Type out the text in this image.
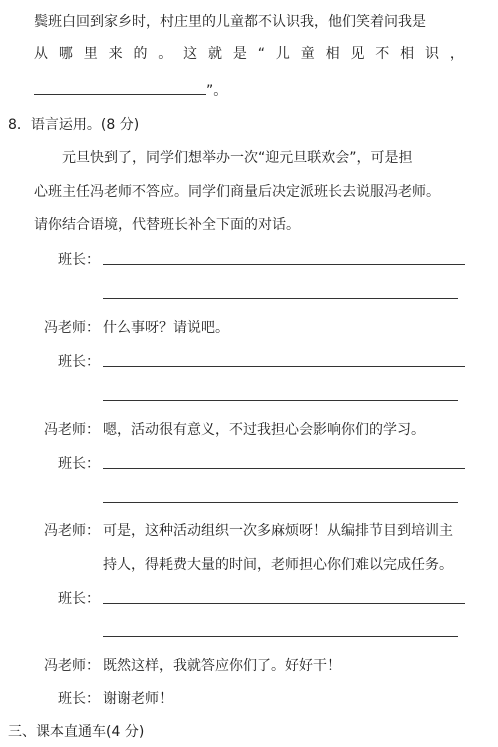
鬓班白回到家乡时，村庄里的儿童都不认识我，他们笑着问我是
从 哪 里 来 的 。 这 就 是 “ 儿 童 相 见 不 相 识 ，
”。
8．语言运用。(8 分)
元旦快到了，同学们想举办一次“迎元旦联欢会”，可是担
心班主任冯老师不答应。同学们商量后决定派班长去说服冯老师。
请你结合语境，代替班长补全下面的对话。
班长：
冯老师： 什么事呀？请说吧。
班长：
冯老师： 嗯，活动很有意义，不过我担心会影响你们的学习。
班长：
冯老师： 可是，这种活动组织一次多麻烦呀！从编排节目到培训主
持人，得耗费大量的时间，老师担心你们难以完成任务。
班长：
冯老师： 既然这样，我就答应你们了。好好干！
班长： 谢谢老师！
三、课本直通车(4 分)
